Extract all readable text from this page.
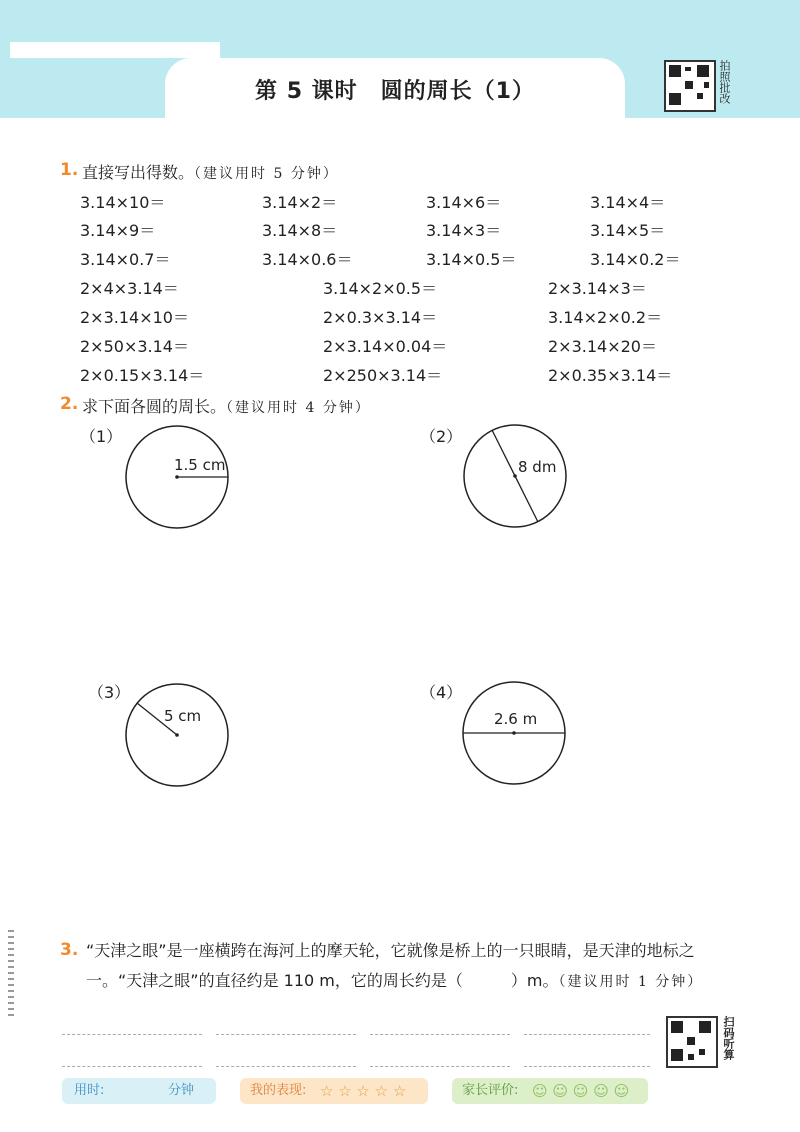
第 5 课时　圆的周长（1）	拍照批改
1. 直接写出得数。（建议用时 5 分钟）
3.14×10＝	3.14×2＝	3.14×6＝	3.14×4＝
3.14×9＝	3.14×8＝	3.14×3＝	3.14×5＝
3.14×0.7＝	3.14×0.6＝	3.14×0.5＝	3.14×0.2＝
2×4×3.14＝	3.14×2×0.5＝	2×3.14×3＝
2×3.14×10＝	2×0.3×3.14＝	3.14×2×0.2＝
2×50×3.14＝	2×3.14×0.04＝	2×3.14×20＝
2×0.15×3.14＝	2×250×3.14＝	2×0.35×3.14＝
2. 求下面各圆的周长。（建议用时 4 分钟）
（1）
1.5 cm
（2）
8 dm
（3）
5 cm
（4）
2.6 m
3. “天津之眼”是一座横跨在海河上的摩天轮，它就像是桥上的一只眼睛，是天津的地标之一。“天津之眼”的直径约是 110 m，它的周长约是（　　　	）m。（建议用时 1 分钟）
扫码听算
用时:	分钟	我的表现: ☆ ☆ ☆ ☆ ☆	家长评价: ☺ ☺ ☺ ☺ ☺
